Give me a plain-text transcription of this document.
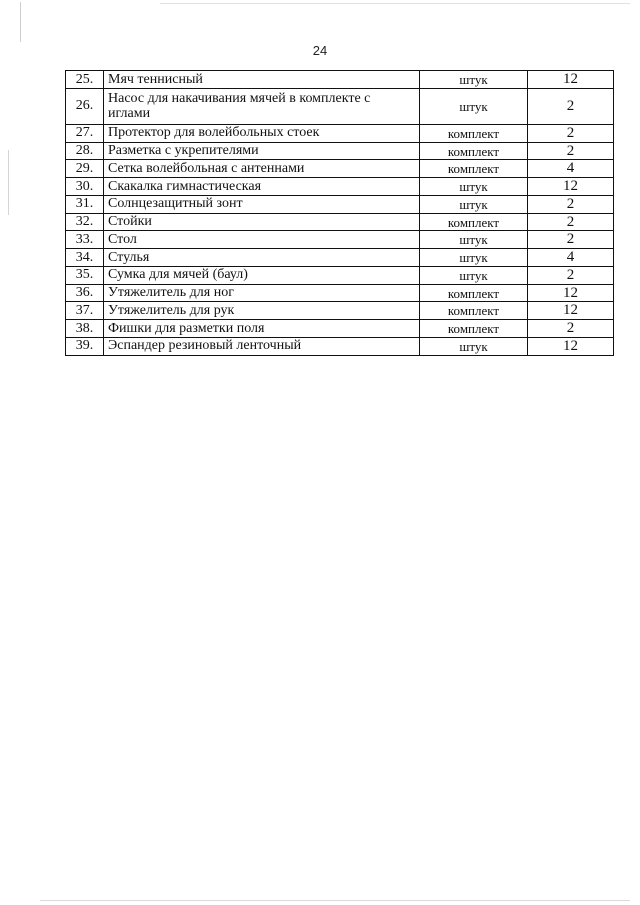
24
25.	Мяч теннисный	штук	12
26.	Насос для накачивания мячей в комплекте с иглами	штук	2
27.	Протектор для волейбольных стоек	комплект	2
28.	Разметка с укрепителями	комплект	2
29.	Сетка волейбольная с антеннами	комплект	4
30.	Скакалка гимнастическая	штук	12
31.	Солнцезащитный зонт	штук	2
32.	Стойки	комплект	2
33.	Стол	штук	2
34.	Стулья	штук	4
35.	Сумка для мячей (баул)	штук	2
36.	Утяжелитель для ног	комплект	12
37.	Утяжелитель для рук	комплект	12
38.	Фишки для разметки поля	комплект	2
39.	Эспандер резиновый ленточный	штук	12
